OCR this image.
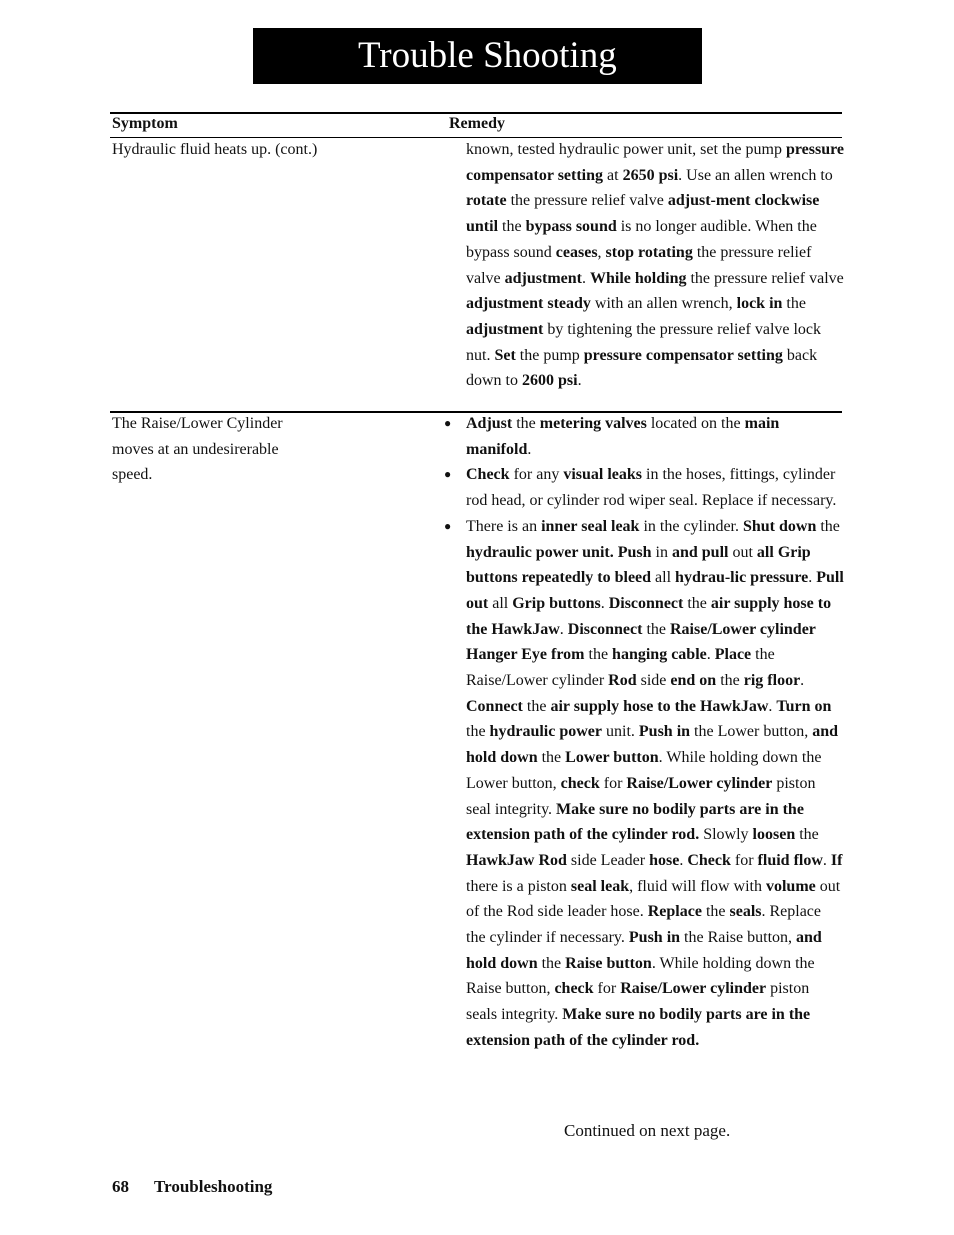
Trouble Shooting
Symptom	Remedy
Hydraulic fluid heats up. (cont.)	known, tested hydraulic power unit, set the pump pressure compensator setting at 2650 psi. Use an allen wrench to rotate the pressure relief valve adjust-ment clockwise until the bypass sound is no longer audible. When the bypass sound ceases, stop rotating the pressure relief valve adjustment. While holding the pressure relief valve adjustment steady with an allen wrench, lock in the adjustment by tightening the pressure relief valve lock nut. Set the pump pressure compensator setting back down to 2600 psi.

The Raise/Lower Cylinder
moves at an undesirerable
speed.
● Adjust the metering valves located on the main manifold.
● Check for any visual leaks in the hoses, fittings, cylinder rod head, or cylinder rod wiper seal. Replace if necessary.
● There is an inner seal leak in the cylinder. Shut down the hydraulic power unit. Push in and pull out all Grip buttons repeatedly to bleed all hydrau-lic pressure. Pull out all Grip buttons. Disconnect the air supply hose to the HawkJaw. Disconnect the Raise/Lower cylinder Hanger Eye from the hanging cable. Place the Raise/Lower cylinder Rod side end on the rig floor. Connect the air supply hose to the HawkJaw. Turn on the hydraulic power unit. Push in the Lower button, and hold down the Lower button. While holding down the Lower button, check for Raise/Lower cylinder piston seal integrity. Make sure no bodily parts are in the extension path of the cylinder rod. Slowly loosen the HawkJaw Rod side Leader hose. Check for fluid flow. If there is a piston seal leak, fluid will flow with volume out of the Rod side leader hose. Replace the seals. Replace the cylinder if necessary. Push in the Raise button, and hold down the Raise button. While holding down the Raise button, check for Raise/Lower cylinder piston seals integrity. Make sure no bodily parts are in the extension path of the cylinder rod.
Continued on next page.
68 Troubleshooting
